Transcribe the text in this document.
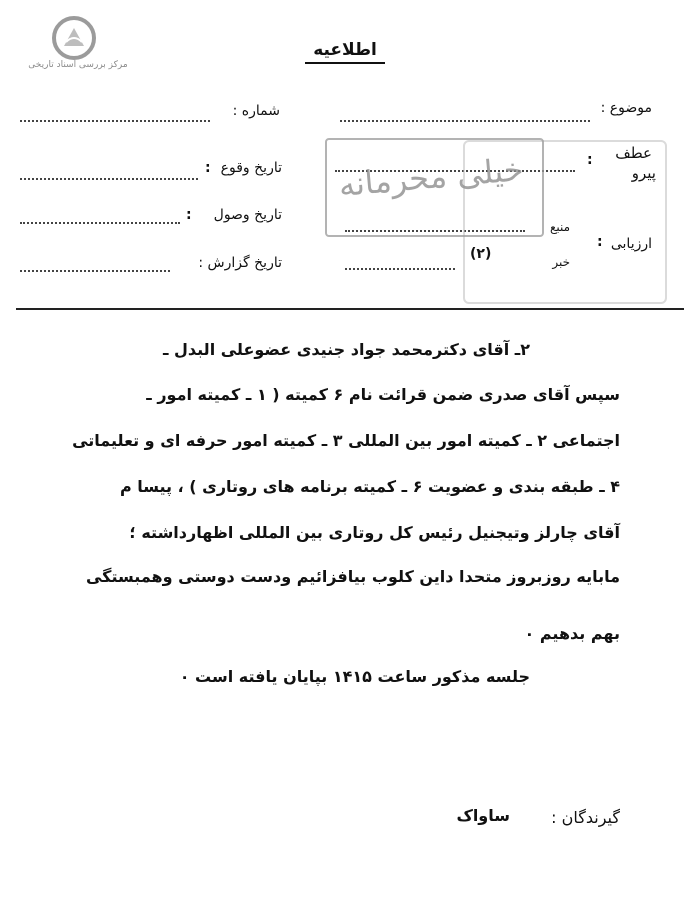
مرکز بررسی اسناد تاریخی
اطلاعیه
موضوع :
عطف
پیرو
:
ارزیابی
:
منبع
خبر
(۲)
شماره :
تاریخ وقوع
:
تاریخ وصول
:
تاریخ گزارش :
خیلی محرمانه
۲ـ آقای دکترمحمد جواد جنیدی عضوعلی البدل ـ
سپس آقای صدری ضمن قرائت نام ۶ کمیته ( ۱ ـ کمیته امور ـ
اجتماعی ۲ ـ کمیته امور بین المللی ۳ ـ کمیته امور حرفه ای و تعلیماتی
۴ ـ طبقه بندی و عضویت ۶ ـ کمیته برنامه های روتاری ) ، پیسا م
آقای چارلز وتیجنیل رئیس کل روتاری بین المللی اظهارداشته ؛
مابایه روزبروز متحدا داین کلوب بیافزائیم ودست دوستی وهمبستگی
بهم بدهیم ٠
جلسه مذکور ساعت ۱۴۱۵ بپایان یافته است ٠
گیرندگان :
ساواک
